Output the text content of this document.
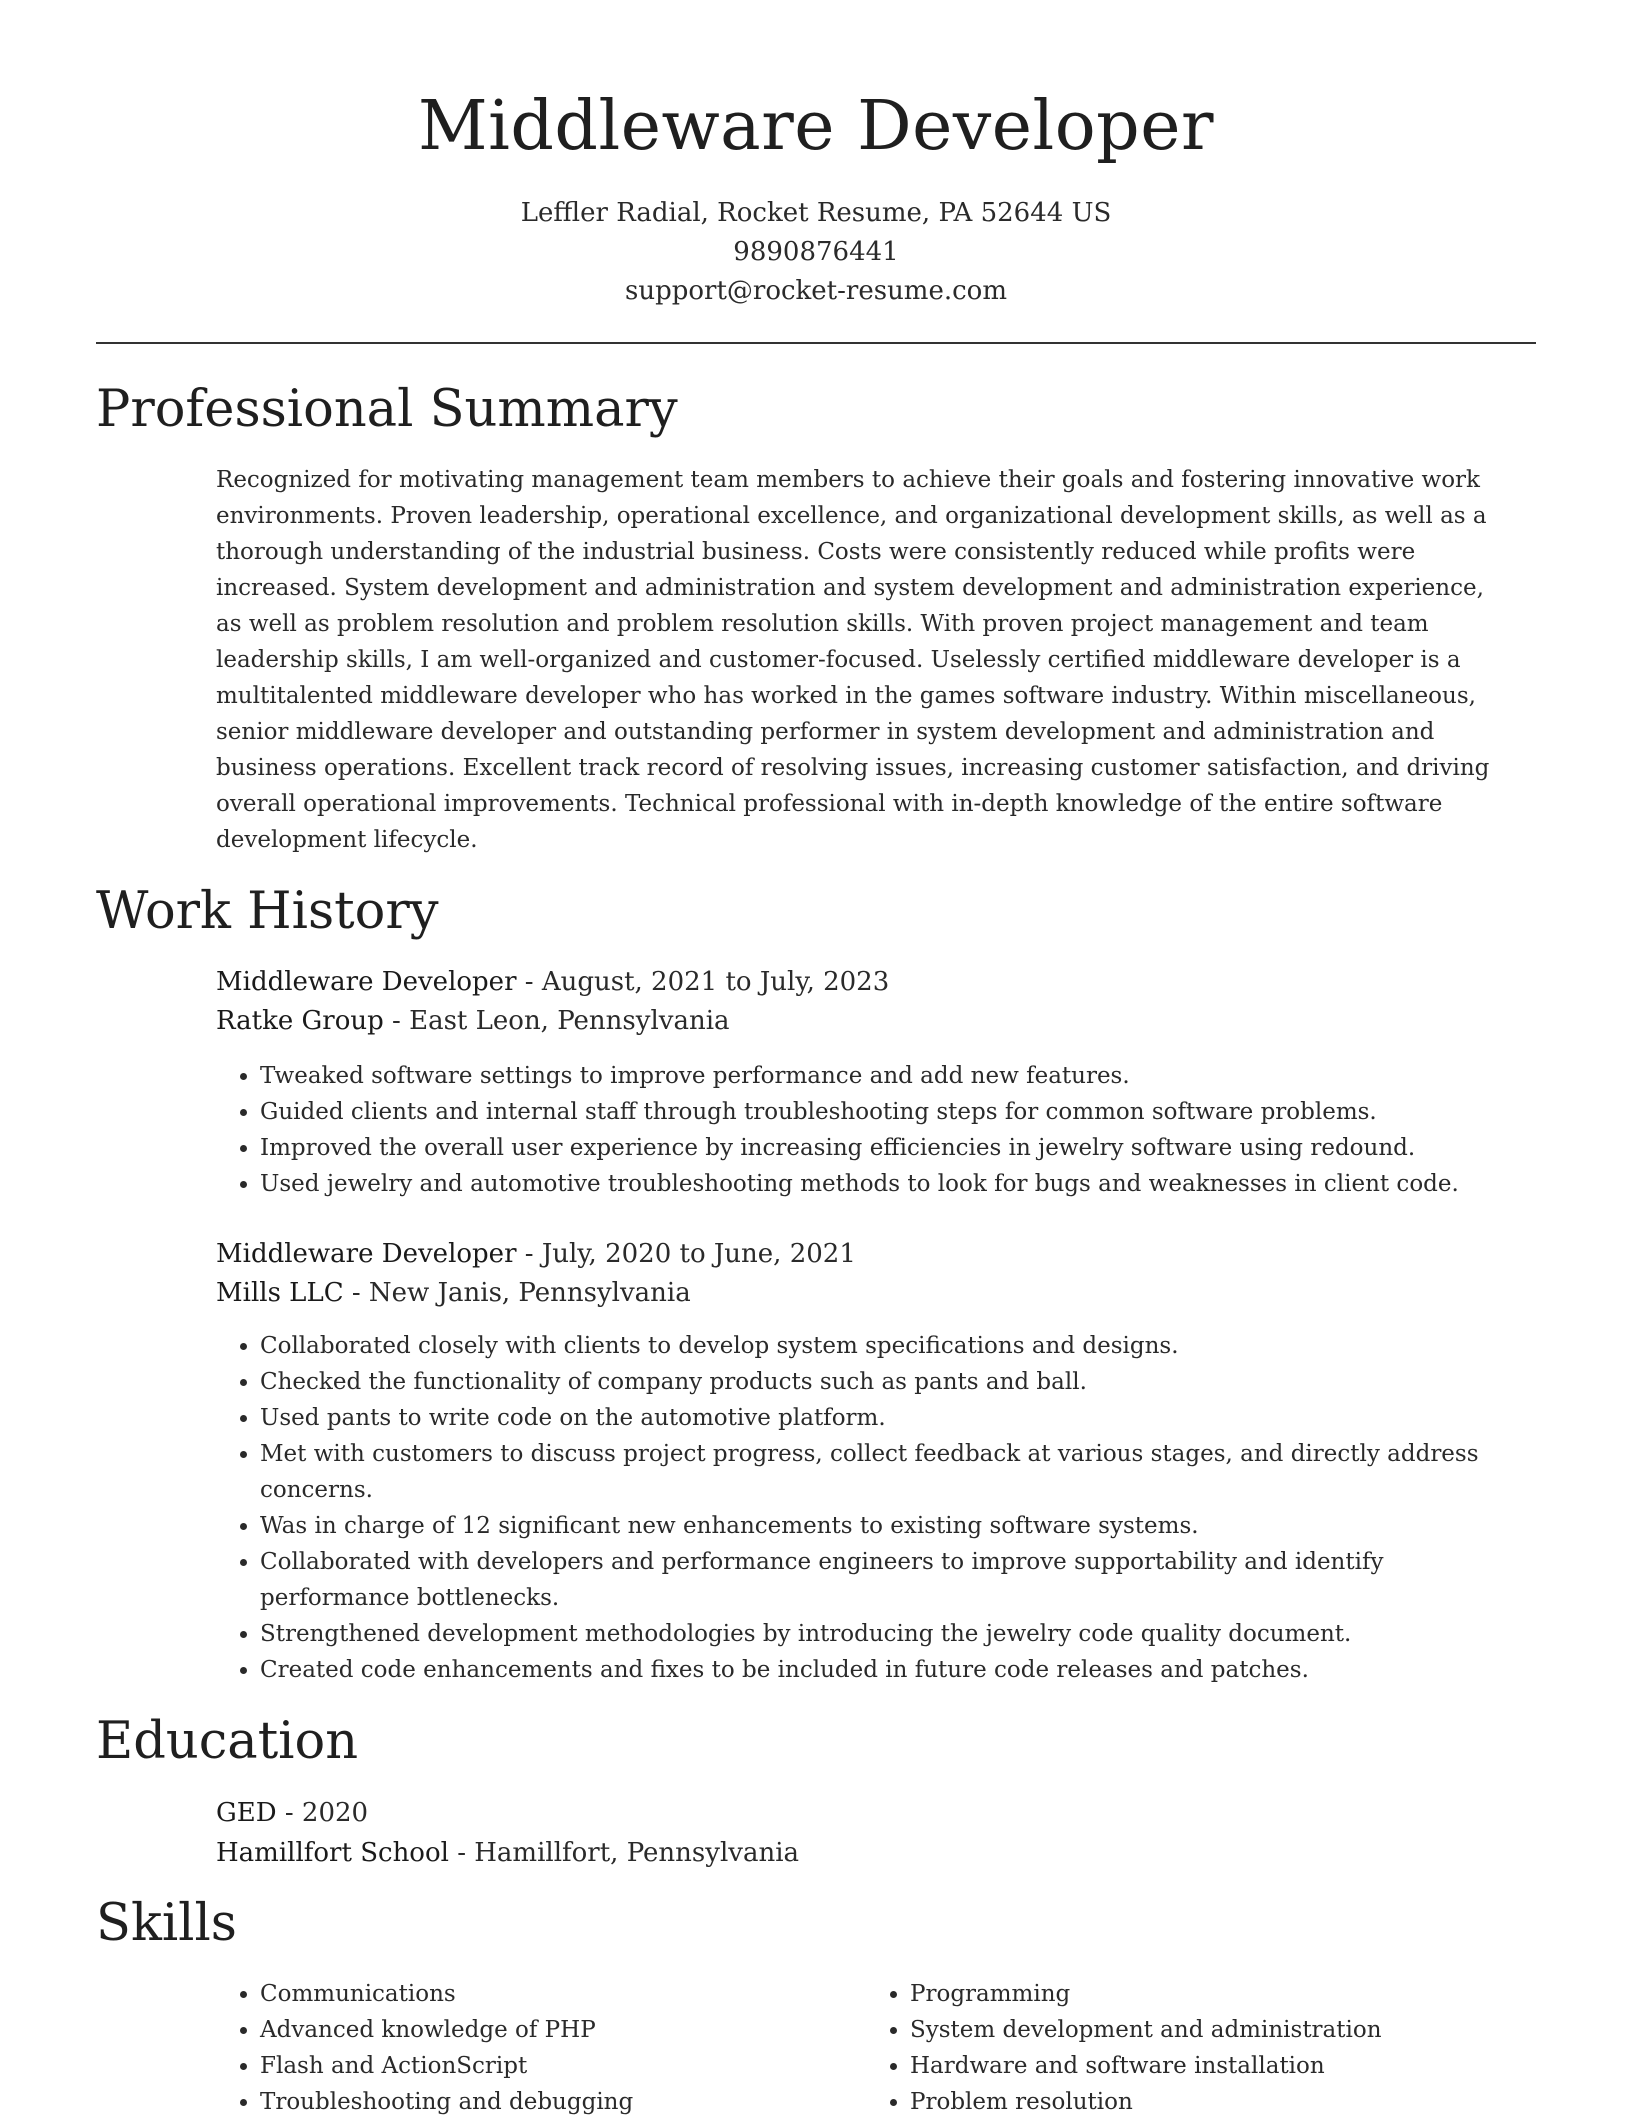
Middleware Developer
Leffler Radial, Rocket Resume, PA 52644 US
9890876441
support@rocket-resume.com
Professional Summary

Recognized for motivating management team members to achieve their goals and fostering innovative work environments. Proven leadership, operational excellence, and organizational development skills, as well as a thorough understanding of the industrial business. Costs were consistently reduced while profits were increased. System development and administration and system development and administration experience, as well as problem resolution and problem resolution skills. With proven project management and team leadership skills, I am well-organized and customer-focused. Uselessly certified middleware developer is a multitalented middleware developer who has worked in the games software industry. Within miscellaneous, senior middleware developer and outstanding performer in system development and administration and business operations. Excellent track record of resolving issues, increasing customer satisfaction, and driving overall operational improvements. Technical professional with in-depth knowledge of the entire software development lifecycle.

Work History
Middleware Developer - August, 2021 to July, 2023
Ratke Group - East Leon, Pennsylvania
• Tweaked software settings to improve performance and add new features.
• Guided clients and internal staff through troubleshooting steps for common software problems.
• Improved the overall user experience by increasing efficiencies in jewelry software using redound.
• Used jewelry and automotive troubleshooting methods to look for bugs and weaknesses in client code.
Middleware Developer - July, 2020 to June, 2021
Mills LLC - New Janis, Pennsylvania
• Collaborated closely with clients to develop system specifications and designs.
• Checked the functionality of company products such as pants and ball.
• Used pants to write code on the automotive platform.
• Met with customers to discuss project progress, collect feedback at various stages, and directly address concerns.
• Was in charge of 12 significant new enhancements to existing software systems.
• Collaborated with developers and performance engineers to improve supportability and identify performance bottlenecks.
• Strengthened development methodologies by introducing the jewelry code quality document.
• Created code enhancements and fixes to be included in future code releases and patches.
Education
GED - 2020
Hamillfort School - Hamillfort, Pennsylvania
Skills
• Communications
• Advanced knowledge of PHP
• Flash and ActionScript
• Troubleshooting and debugging
• Programming
• System development and administration
• Hardware and software installation
• Problem resolution
